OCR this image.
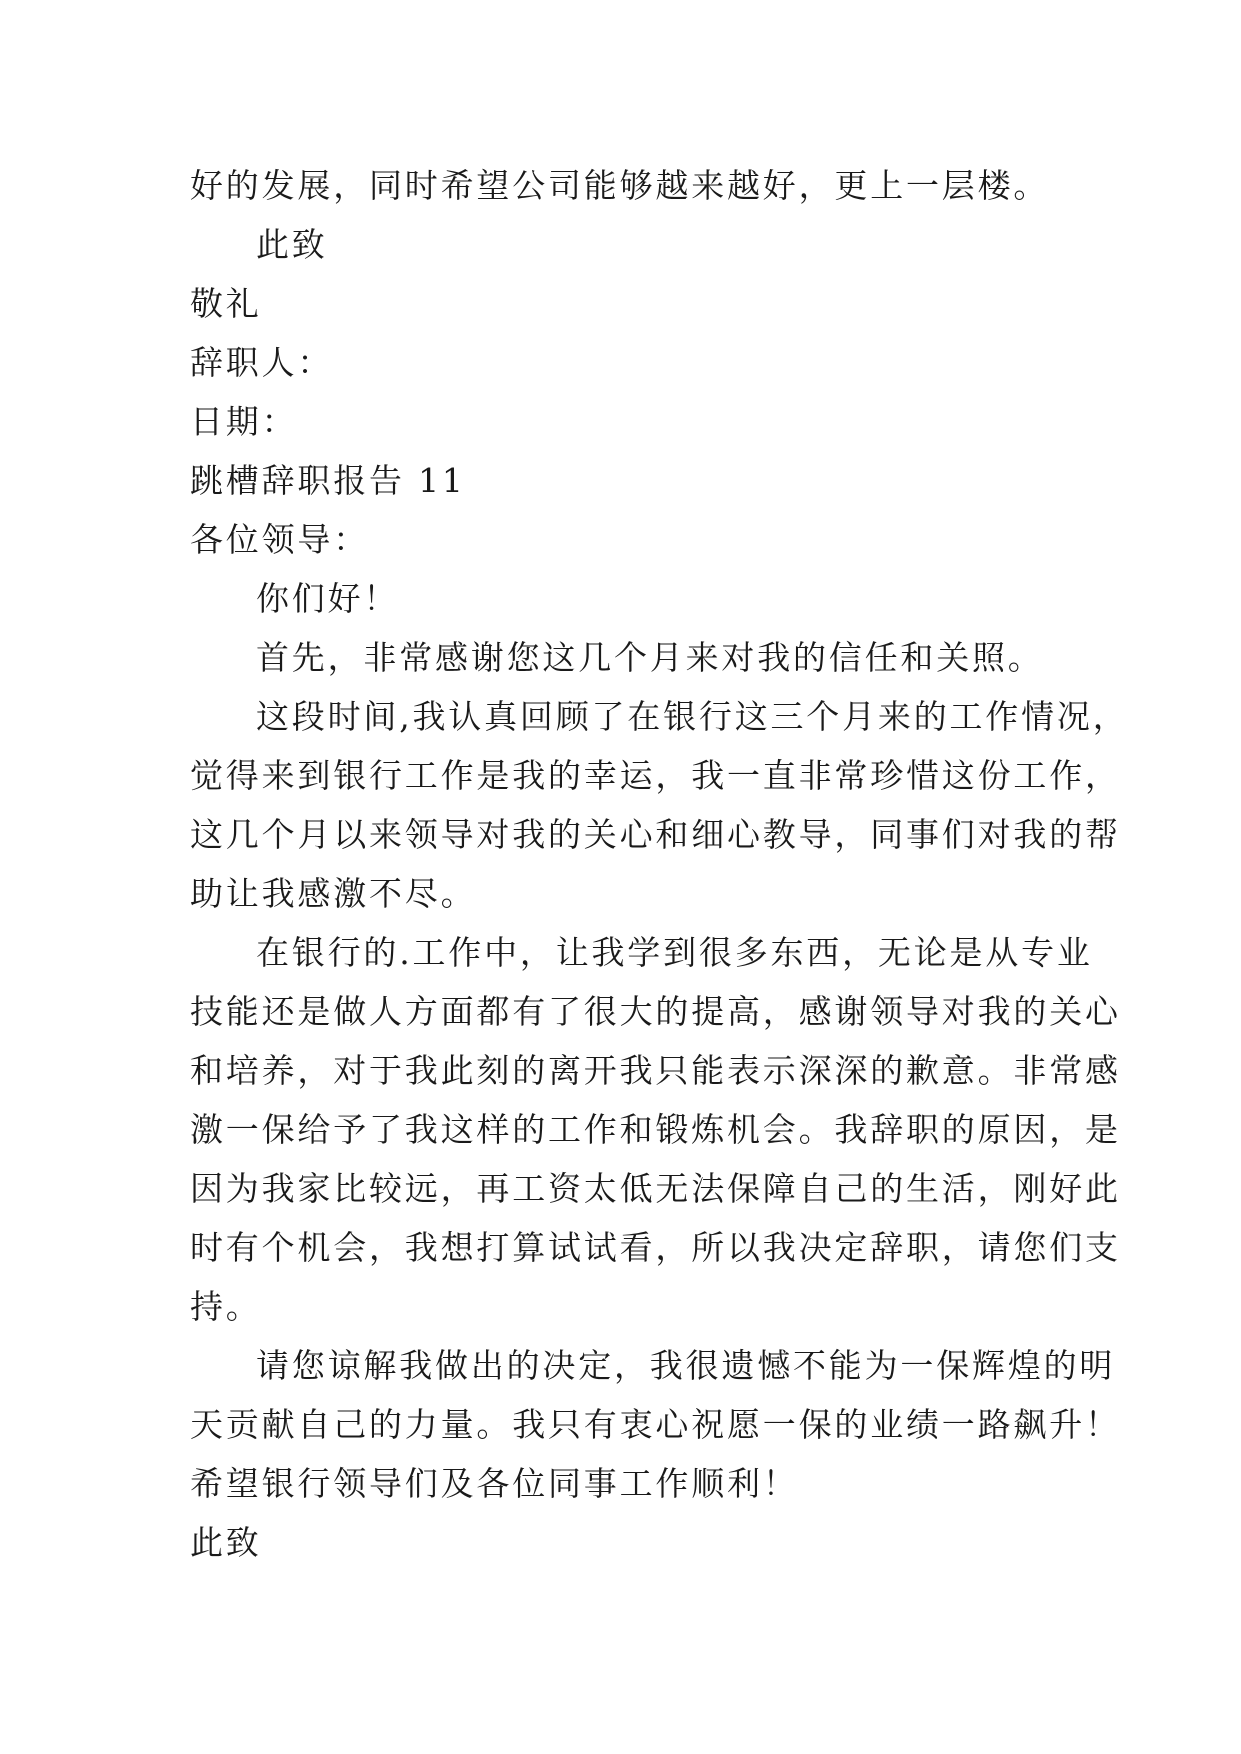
好的发展，同时希望公司能够越来越好，更上一层楼。
此致
敬礼
辞职人：
日期：
跳槽辞职报告 11
各位领导：
你们好！
首先，非常感谢您这几个月来对我的信任和关照。
这段时间,我认真回顾了在银行这三个月来的工作情况，
觉得来到银行工作是我的幸运，我一直非常珍惜这份工作，
这几个月以来领导对我的关心和细心教导，同事们对我的帮
助让我感激不尽。
在银行的.工作中，让我学到很多东西，无论是从专业
技能还是做人方面都有了很大的提高，感谢领导对我的关心
和培养，对于我此刻的离开我只能表示深深的歉意。非常感
激一保给予了我这样的工作和锻炼机会。我辞职的原因，是
因为我家比较远，再工资太低无法保障自己的生活，刚好此
时有个机会，我想打算试试看，所以我决定辞职，请您们支
持。
请您谅解我做出的决定，我很遗憾不能为一保辉煌的明
天贡献自己的力量。我只有衷心祝愿一保的业绩一路飙升！
希望银行领导们及各位同事工作顺利！
此致
